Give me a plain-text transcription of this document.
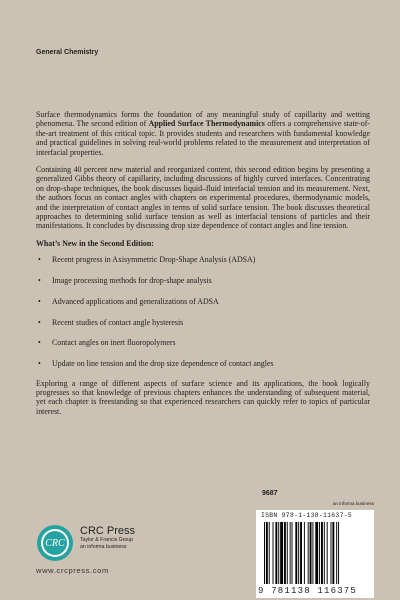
General Chemistry

Surface thermodynamics forms the foundation of any meaningful study of capillarity and wetting phenomena. The second edition of Applied Surface Thermodynamics offers a comprehensive state-of-the-art treatment of this critical topic. It provides students and researchers with fundamental knowledge and practical guidelines in solving real-world problems related to the measurement and interpretation of interfacial properties.

Containing 40 percent new material and reorganized content, this second edition begins by presenting a generalized Gibbs theory of capillarity, including discussions of highly curved interfaces. Concentrating on drop-shape techniques, the book discusses liquid–fluid interfacial tension and its measurement. Next, the authors focus on contact angles with chapters on experimental procedures, thermodynamic models, and the interpretation of contact angles in terms of solid surface tension. The book discusses theoretical approaches to determining solid surface tension as well as interfacial tensions of particles and their manifestations. It concludes by discussing drop size dependence of contact angles and line tension.

What’s New in the Second Edition:
• Recent progress in Axisymmetric Drop-Shape Analysis (ADSA)
• Image processing methods for drop-shape analysis
• Advanced applications and generalizations of ADSA
• Recent studies of contact angle hysteresis
• Contact angles on inert fluoropolymers
• Update on line tension and the drop size dependence of contact angles

Exploring a range of different aspects of surface science and its applications, the book logically progresses so that knowledge of previous chapters enhances the understanding of subsequent material, yet each chapter is freestanding so that experienced researchers can quickly refer to topics of particular interest.

9687
an informa business
ISBN 978-1-138-11637-5
9 781138 116375
CRC
CRC Press
Taylor & Francis Group
an informa business
www.crcpress.com
